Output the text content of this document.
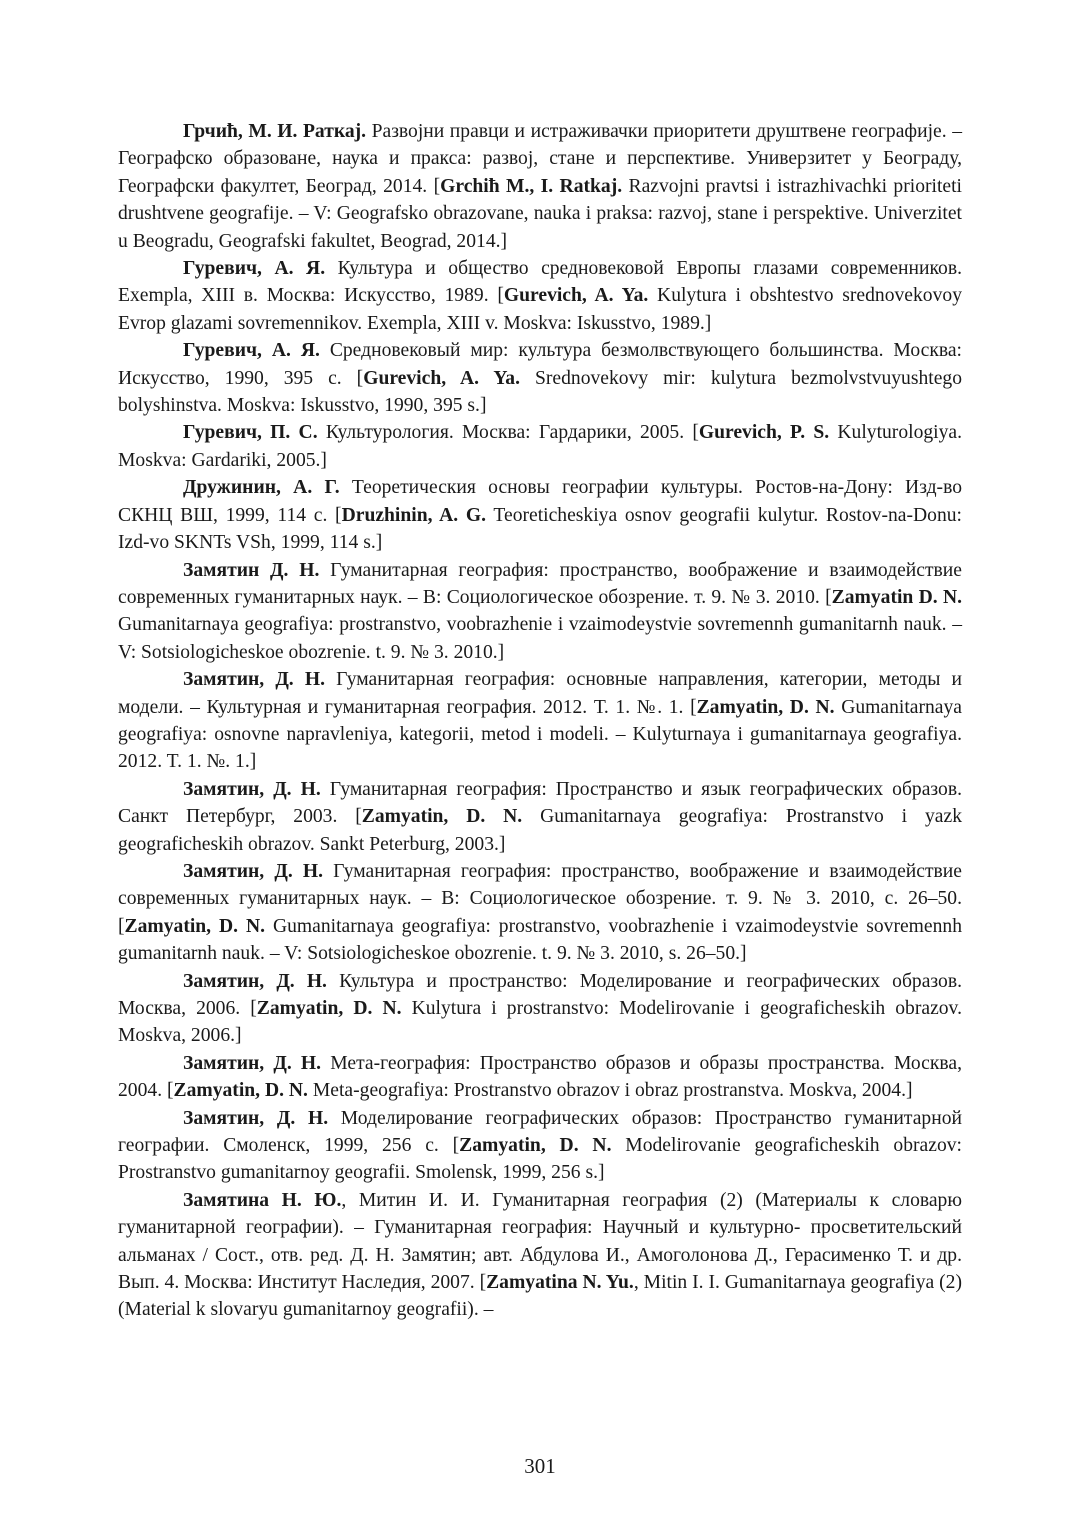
Грчић, М. И. Раткај. Развојни правци и истраживачки приоритети друштвене географије. – Географско образоване, наука и пракса: развој, стане и перспективе. Универзитет у Београду, Географски факултет, Београд, 2014. [Grchiћ M., I. Ratkaj. Razvojni pravtsi i istrazhivachki prioriteti drushtvene geografije. – V: Geografsko obrazovane, nauka i praksa: razvoj, stane i perspektive. Univerzitet u Beogradu, Geografski fakultet, Beograd, 2014.]

Гуревич, А. Я. Культура и общество средновековой Европы глазами современников. Exempla, XIII в. Москва: Искусство, 1989. [Gurevich, A. Ya. Kulytura i obshtestvo srednovekovoy Evrop glazami sovremennikov. Exempla, XIII v. Moskva: Iskusstvo, 1989.]

Гуревич, А. Я. Средновековый мир: культура безмолвствующего большинства. Москва: Искусство, 1990, 395 с. [Gurevich, A. Ya. Srednovekovy mir: kulytura bezmolvstvuyushtego bolyshinstva. Moskva: Iskusstvo, 1990, 395 s.]

Гуревич, П. С. Культурология. Москва: Гардарики, 2005. [Gurevich, P. S. Kulyturologiya. Moskva: Gardariki, 2005.]

Дружинин, А. Г. Теоретическия основы географии культуры. Ростов-на-Дону: Изд-во СКНЦ ВШ, 1999, 114 с. [Druzhinin, A. G. Teoreticheskiya osnov geografii kulytur. Rostov-na-Donu: Izd-vo SKNTs VSh, 1999, 114 s.]

Замятин Д. Н. Гуманитарная география: пространство, воображение и взаимодействие современных гуманитарных наук. – В: Социологическое обозрение. т. 9. № 3. 2010. [Zamyatin D. N. Gumanitarnaya geografiya: prostranstvo, voobrazhenie i vzaimodeystvie sovremennh gumanitarnh nauk. – V: Sotsiologicheskoe obozrenie. t. 9. № 3. 2010.]

Замятин, Д. Н. Гуманитарная география: основные направления, категории, методы и модели. – Культурная и гуманитарная география. 2012. Т. 1. №. 1. [Zamyatin, D. N. Gumanitarnaya geografiya: osnovne napravleniya, kategorii, metod i modeli. – Kulyturnaya i gumanitarnaya geografiya. 2012. T. 1. №. 1.]

Замятин, Д. Н. Гуманитарная география: Пространство и язык географических образов. Санкт Петербург, 2003. [Zamyatin, D. N. Gumanitarnaya geografiya: Prostranstvo i yazk geograficheskih obrazov. Sankt Peterburg, 2003.]

Замятин, Д. Н. Гуманитарная география: пространство, воображение и взаимодействие современных гуманитарных наук. – В: Социологическое обозрение. т. 9. № 3. 2010, с. 26–50. [Zamyatin, D. N. Gumanitarnaya geografiya: prostranstvo, voobrazhenie i vzaimodeystvie sovremennh gumanitarnh nauk. – V: Sotsiologicheskoe obozrenie. t. 9. № 3. 2010, s. 26–50.]

Замятин, Д. Н. Культура и пространство: Моделирование и географических образов. Москва, 2006. [Zamyatin, D. N. Kulytura i prostranstvo: Modelirovanie i geograficheskih obrazov. Moskva, 2006.]

Замятин, Д. Н. Мета-география: Пространство образов и образы пространства. Москва, 2004. [Zamyatin, D. N. Meta-geografiya: Prostranstvo obrazov i obraz prostranstva. Moskva, 2004.]

Замятин, Д. Н. Моделирование географических образов: Пространство гуманитарной географии. Смоленск, 1999, 256 с. [Zamyatin, D. N. Modelirovanie geograficheskih obrazov: Prostranstvo gumanitarnoy geografii. Smolensk, 1999, 256 s.]

Замятина Н. Ю., Митин И. И. Гуманитарная география (2) (Материалы к словарю гуманитарной географии). – Гуманитарная география: Научный и культурно- просветительский альманах / Сост., отв. ред. Д. Н. Замятин; авт. Абдулова И., Амоголонова Д., Герасименко Т. и др. Вып. 4. Москва: Институт Наследия, 2007. [Zamyatina N. Yu., Mitin I. I. Gumanitarnaya geografiya (2) (Material k slovaryu gumanitarnoy geografii). –

301
